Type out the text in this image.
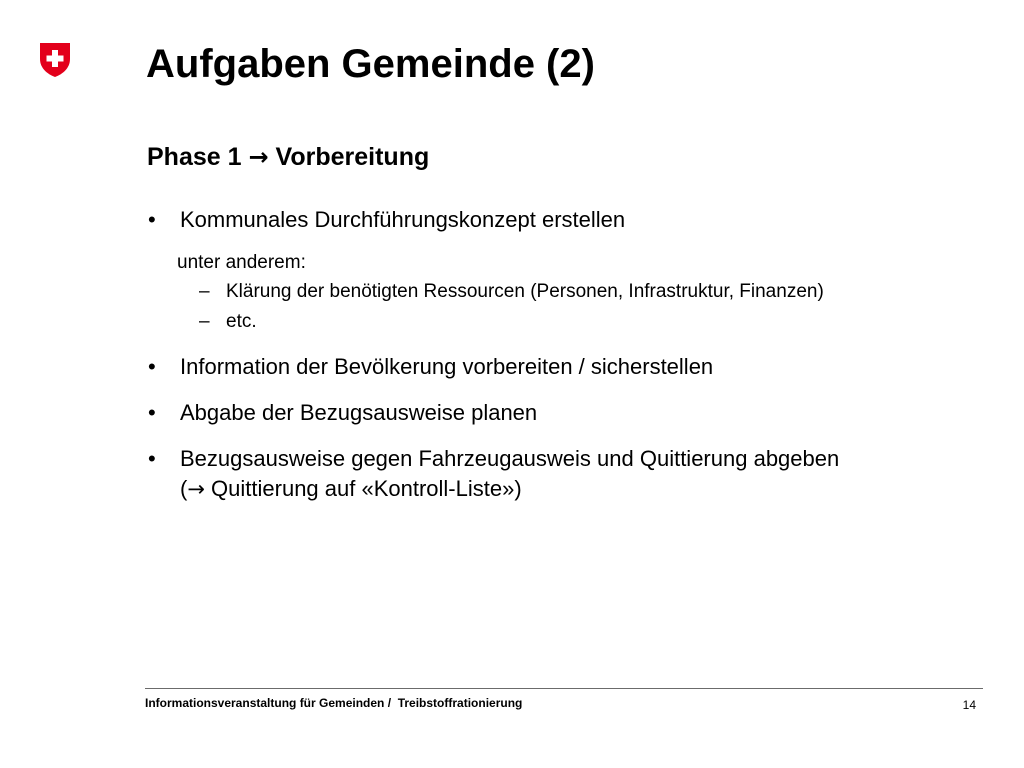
Aufgaben Gemeinde (2)
Phase 1 → Vorbereitung
• Kommunales Durchführungskonzept erstellen
unter anderem:
– Klärung der benötigten Ressourcen (Personen, Infrastruktur, Finanzen)
– etc.
• Information der Bevölkerung vorbereiten / sicherstellen
• Abgabe der Bezugsausweise planen
• Bezugsausweise gegen Fahrzeugausweis und Quittierung abgeben
(→ Quittierung auf «Kontroll-Liste»)
Informationsveranstaltung für Gemeinden /  Treibstoffrationierung	14
